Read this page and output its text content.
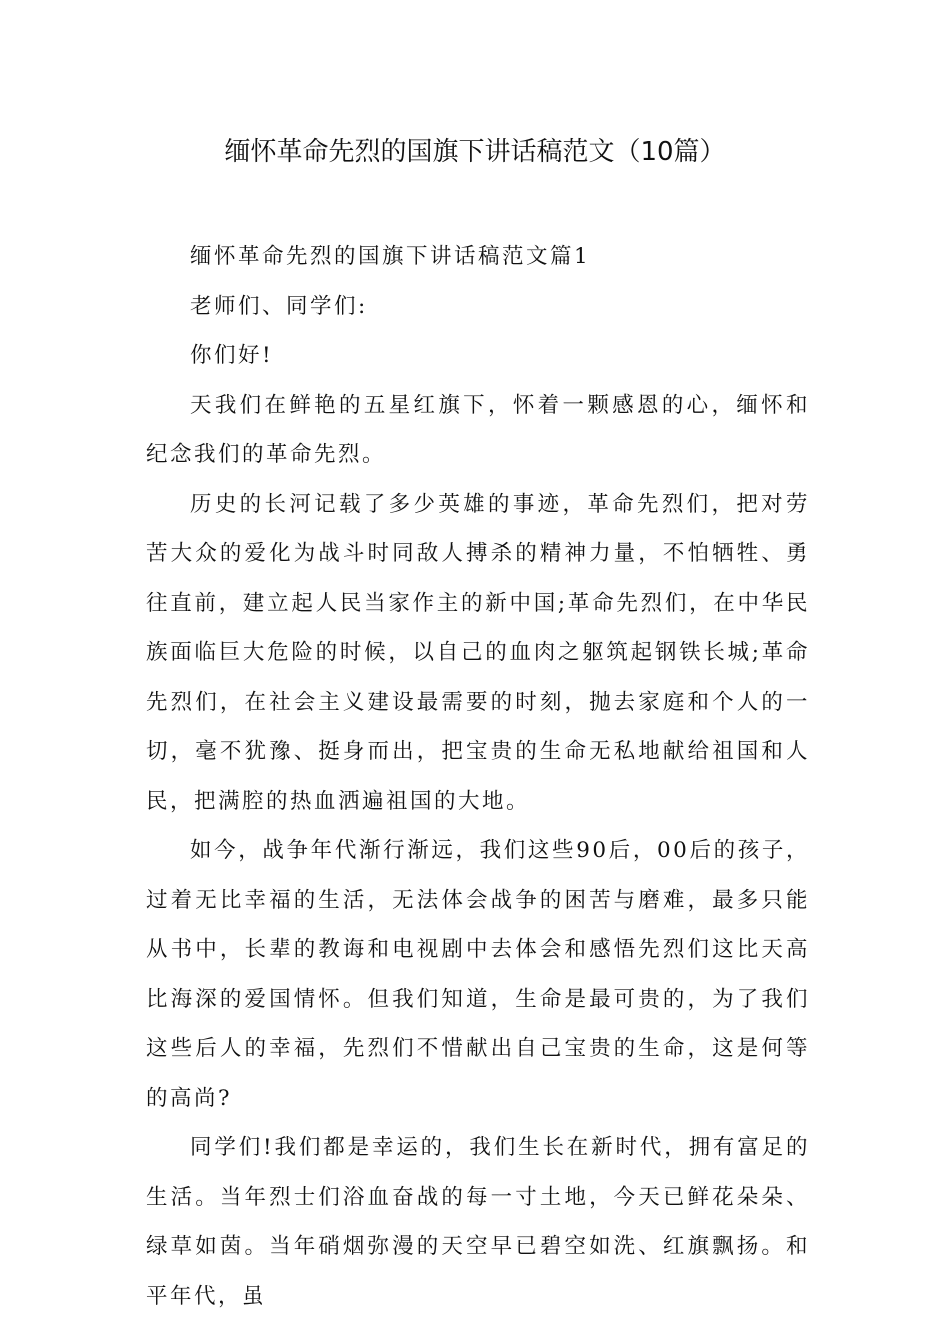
缅怀革命先烈的国旗下讲话稿范文（10篇）

缅怀革命先烈的国旗下讲话稿范文篇1

老师们、同学们:

你们好!

天我们在鲜艳的五星红旗下，怀着一颗感恩的心，缅怀和纪念我们的革命先烈。

历史的长河记载了多少英雄的事迹，革命先烈们，把对劳苦大众的爱化为战斗时同敌人搏杀的精神力量，不怕牺牲、勇往直前，建立起人民当家作主的新中国;革命先烈们，在中华民族面临巨大危险的时候，以自己的血肉之躯筑起钢铁长城;革命先烈们，在社会主义建设最需要的时刻，抛去家庭和个人的一切，毫不犹豫、挺身而出，把宝贵的生命无私地献给祖国和人民，把满腔的热血洒遍祖国的大地。

如今，战争年代渐行渐远，我们这些90后，00后的孩子，过着无比幸福的生活，无法体会战争的困苦与磨难，最多只能从书中，长辈的教诲和电视剧中去体会和感悟先烈们这比天高比海深的爱国情怀。但我们知道，生命是最可贵的，为了我们这些后人的幸福，先烈们不惜献出自己宝贵的生命，这是何等的高尚?

同学们!我们都是幸运的，我们生长在新时代，拥有富足的生活。当年烈士们浴血奋战的每一寸土地，今天已鲜花朵朵、绿草如茵。当年硝烟弥漫的天空早已碧空如洗、红旗飘扬。和平年代，虽
